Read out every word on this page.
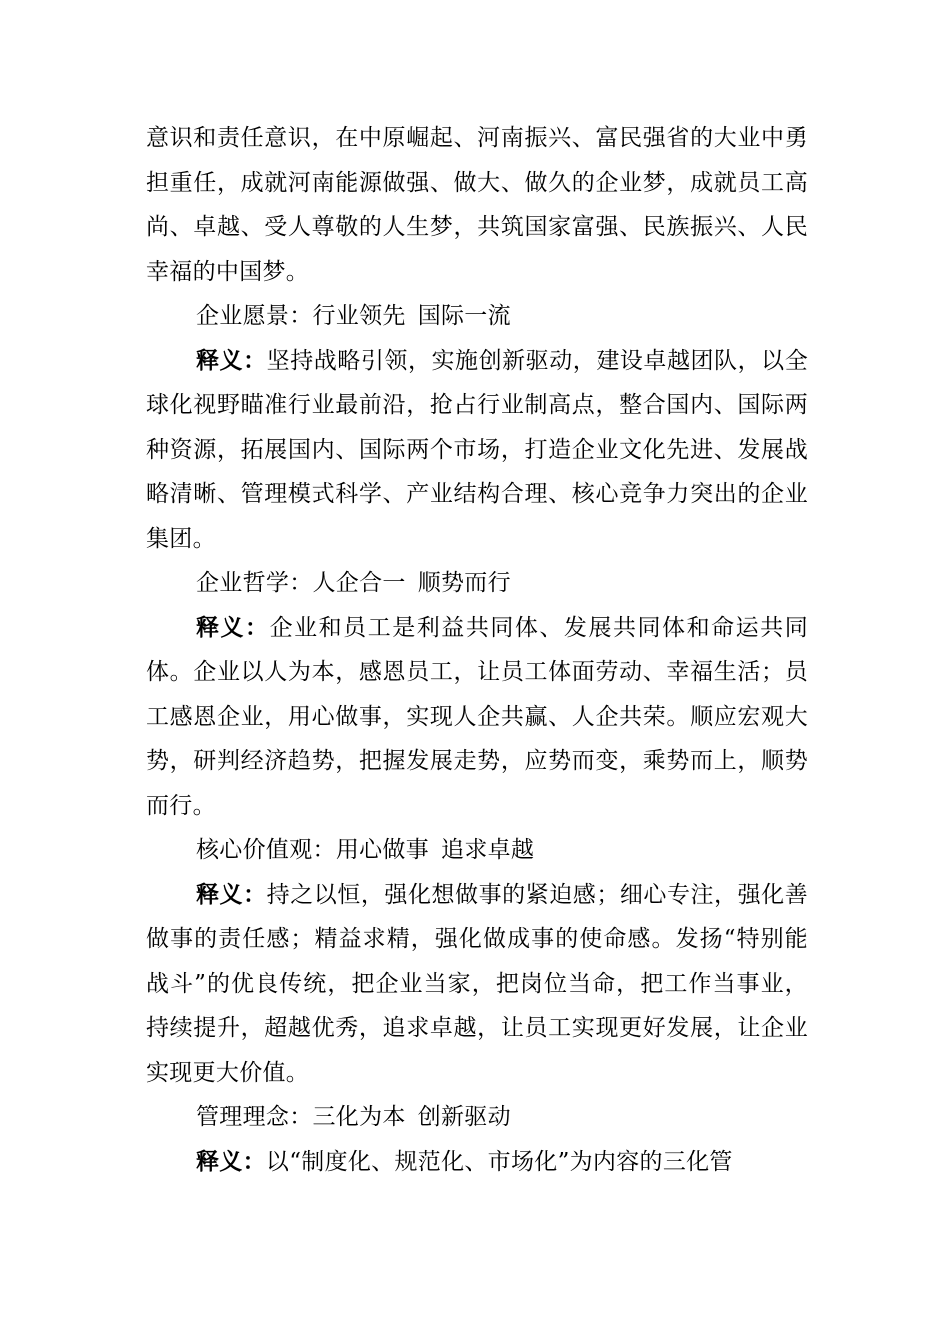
意识和责任意识，在中原崛起、河南振兴、富民强省的大业中勇担重任，成就河南能源做强、做大、做久的企业梦，成就员工高尚、卓越、受人尊敬的人生梦，共筑国家富强、民族振兴、人民幸福的中国梦。

企业愿景：行业领先 国际一流

释义：坚持战略引领，实施创新驱动，建设卓越团队，以全球化视野瞄准行业最前沿，抢占行业制高点，整合国内、国际两种资源，拓展国内、国际两个市场，打造企业文化先进、发展战略清晰、管理模式科学、产业结构合理、核心竞争力突出的企业集团。

企业哲学：人企合一 顺势而行

释义：企业和员工是利益共同体、发展共同体和命运共同体。企业以人为本，感恩员工，让员工体面劳动、幸福生活；员工感恩企业，用心做事，实现人企共赢、人企共荣。顺应宏观大势，研判经济趋势，把握发展走势，应势而变，乘势而上，顺势而行。

核心价值观：用心做事 追求卓越

释义：持之以恒，强化想做事的紧迫感；细心专注，强化善做事的责任感；精益求精，强化做成事的使命感。发扬“特别能战斗”的优良传统，把企业当家，把岗位当命，把工作当事业，持续提升，超越优秀，追求卓越，让员工实现更好发展，让企业实现更大价值。

管理理念：三化为本 创新驱动

释义：以“制度化、规范化、市场化”为内容的三化管
